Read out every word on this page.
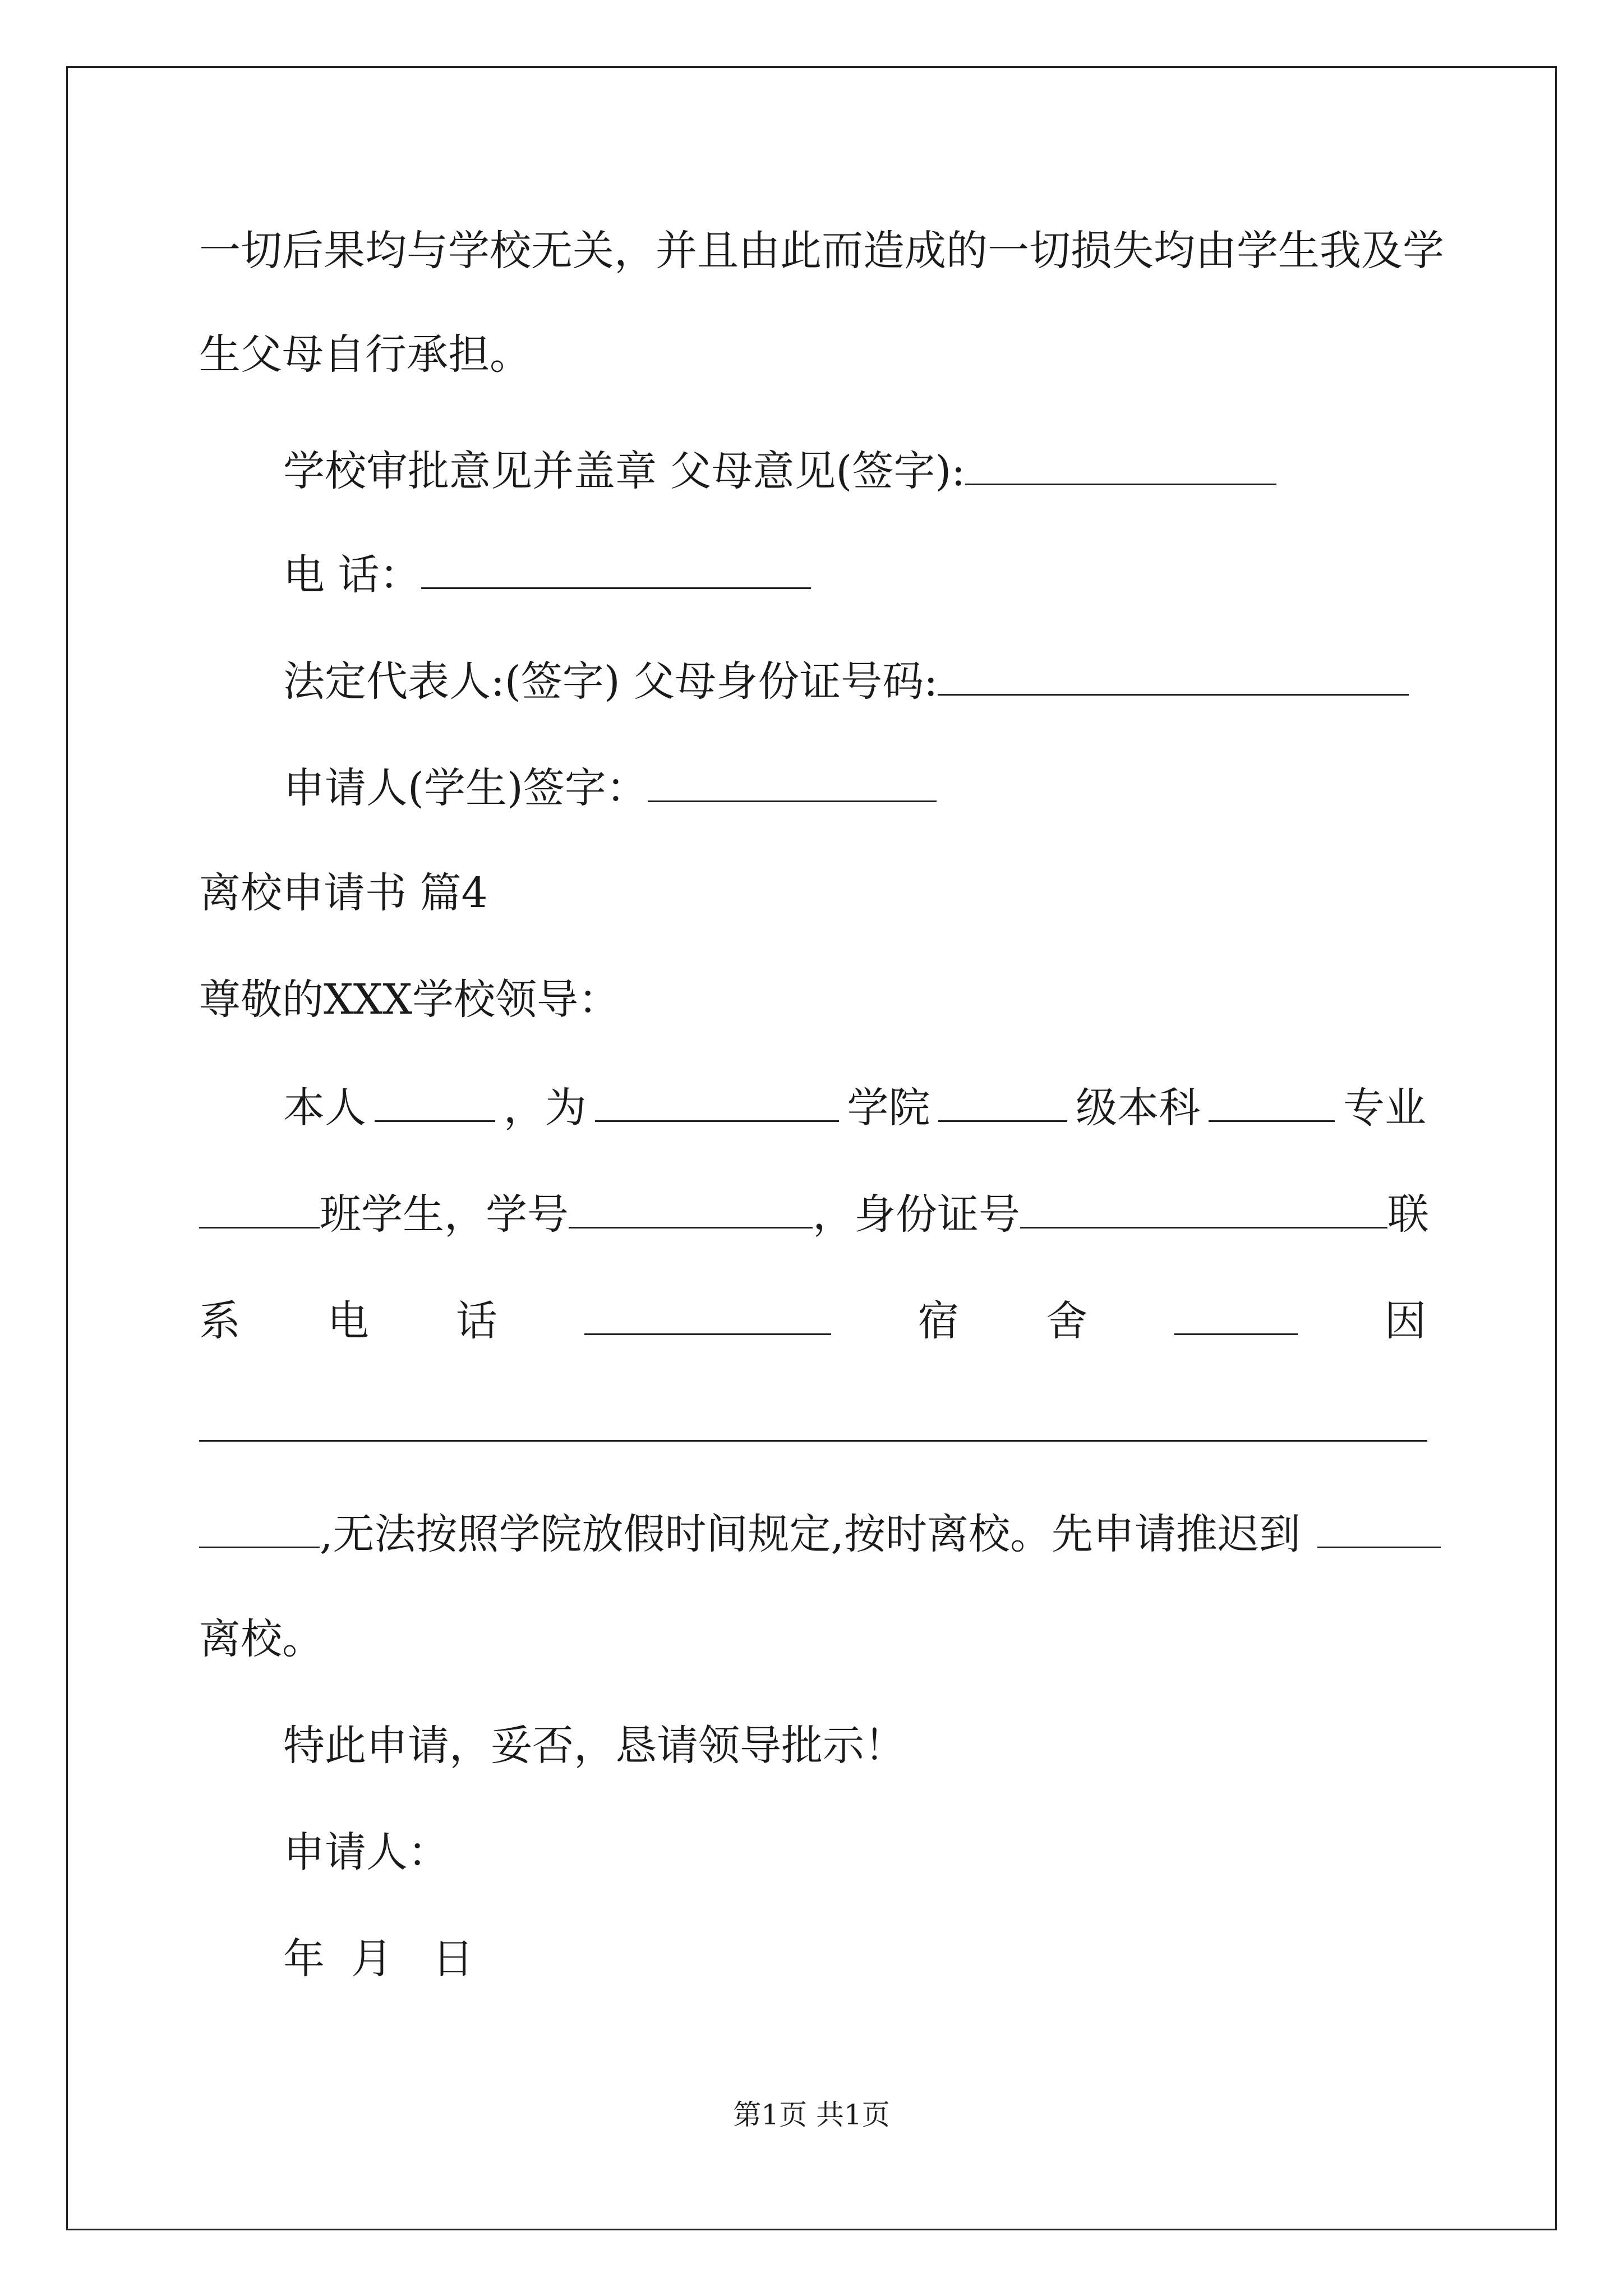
一切后果均与学校无关，并且由此而造成的一切损失均由学生我及学
生父母自行承担。
学校审批意见并盖章 父母意见(签字):
电 话：
法定代表人:(签字) 父母身份证号码:
申请人(学生)签字：
离校申请书 篇4
尊敬的XXX学校领导：
本人	，为	学院	级本科	专业
班学生，学号	，身份证号	联
系 电 话	宿 舍	因
,无法按照学院放假时间规定,按时离校。先申请推迟到
离校。
特此申请，妥否，恳请领导批示！
申请人：
年  月   日
第1页 共1页
